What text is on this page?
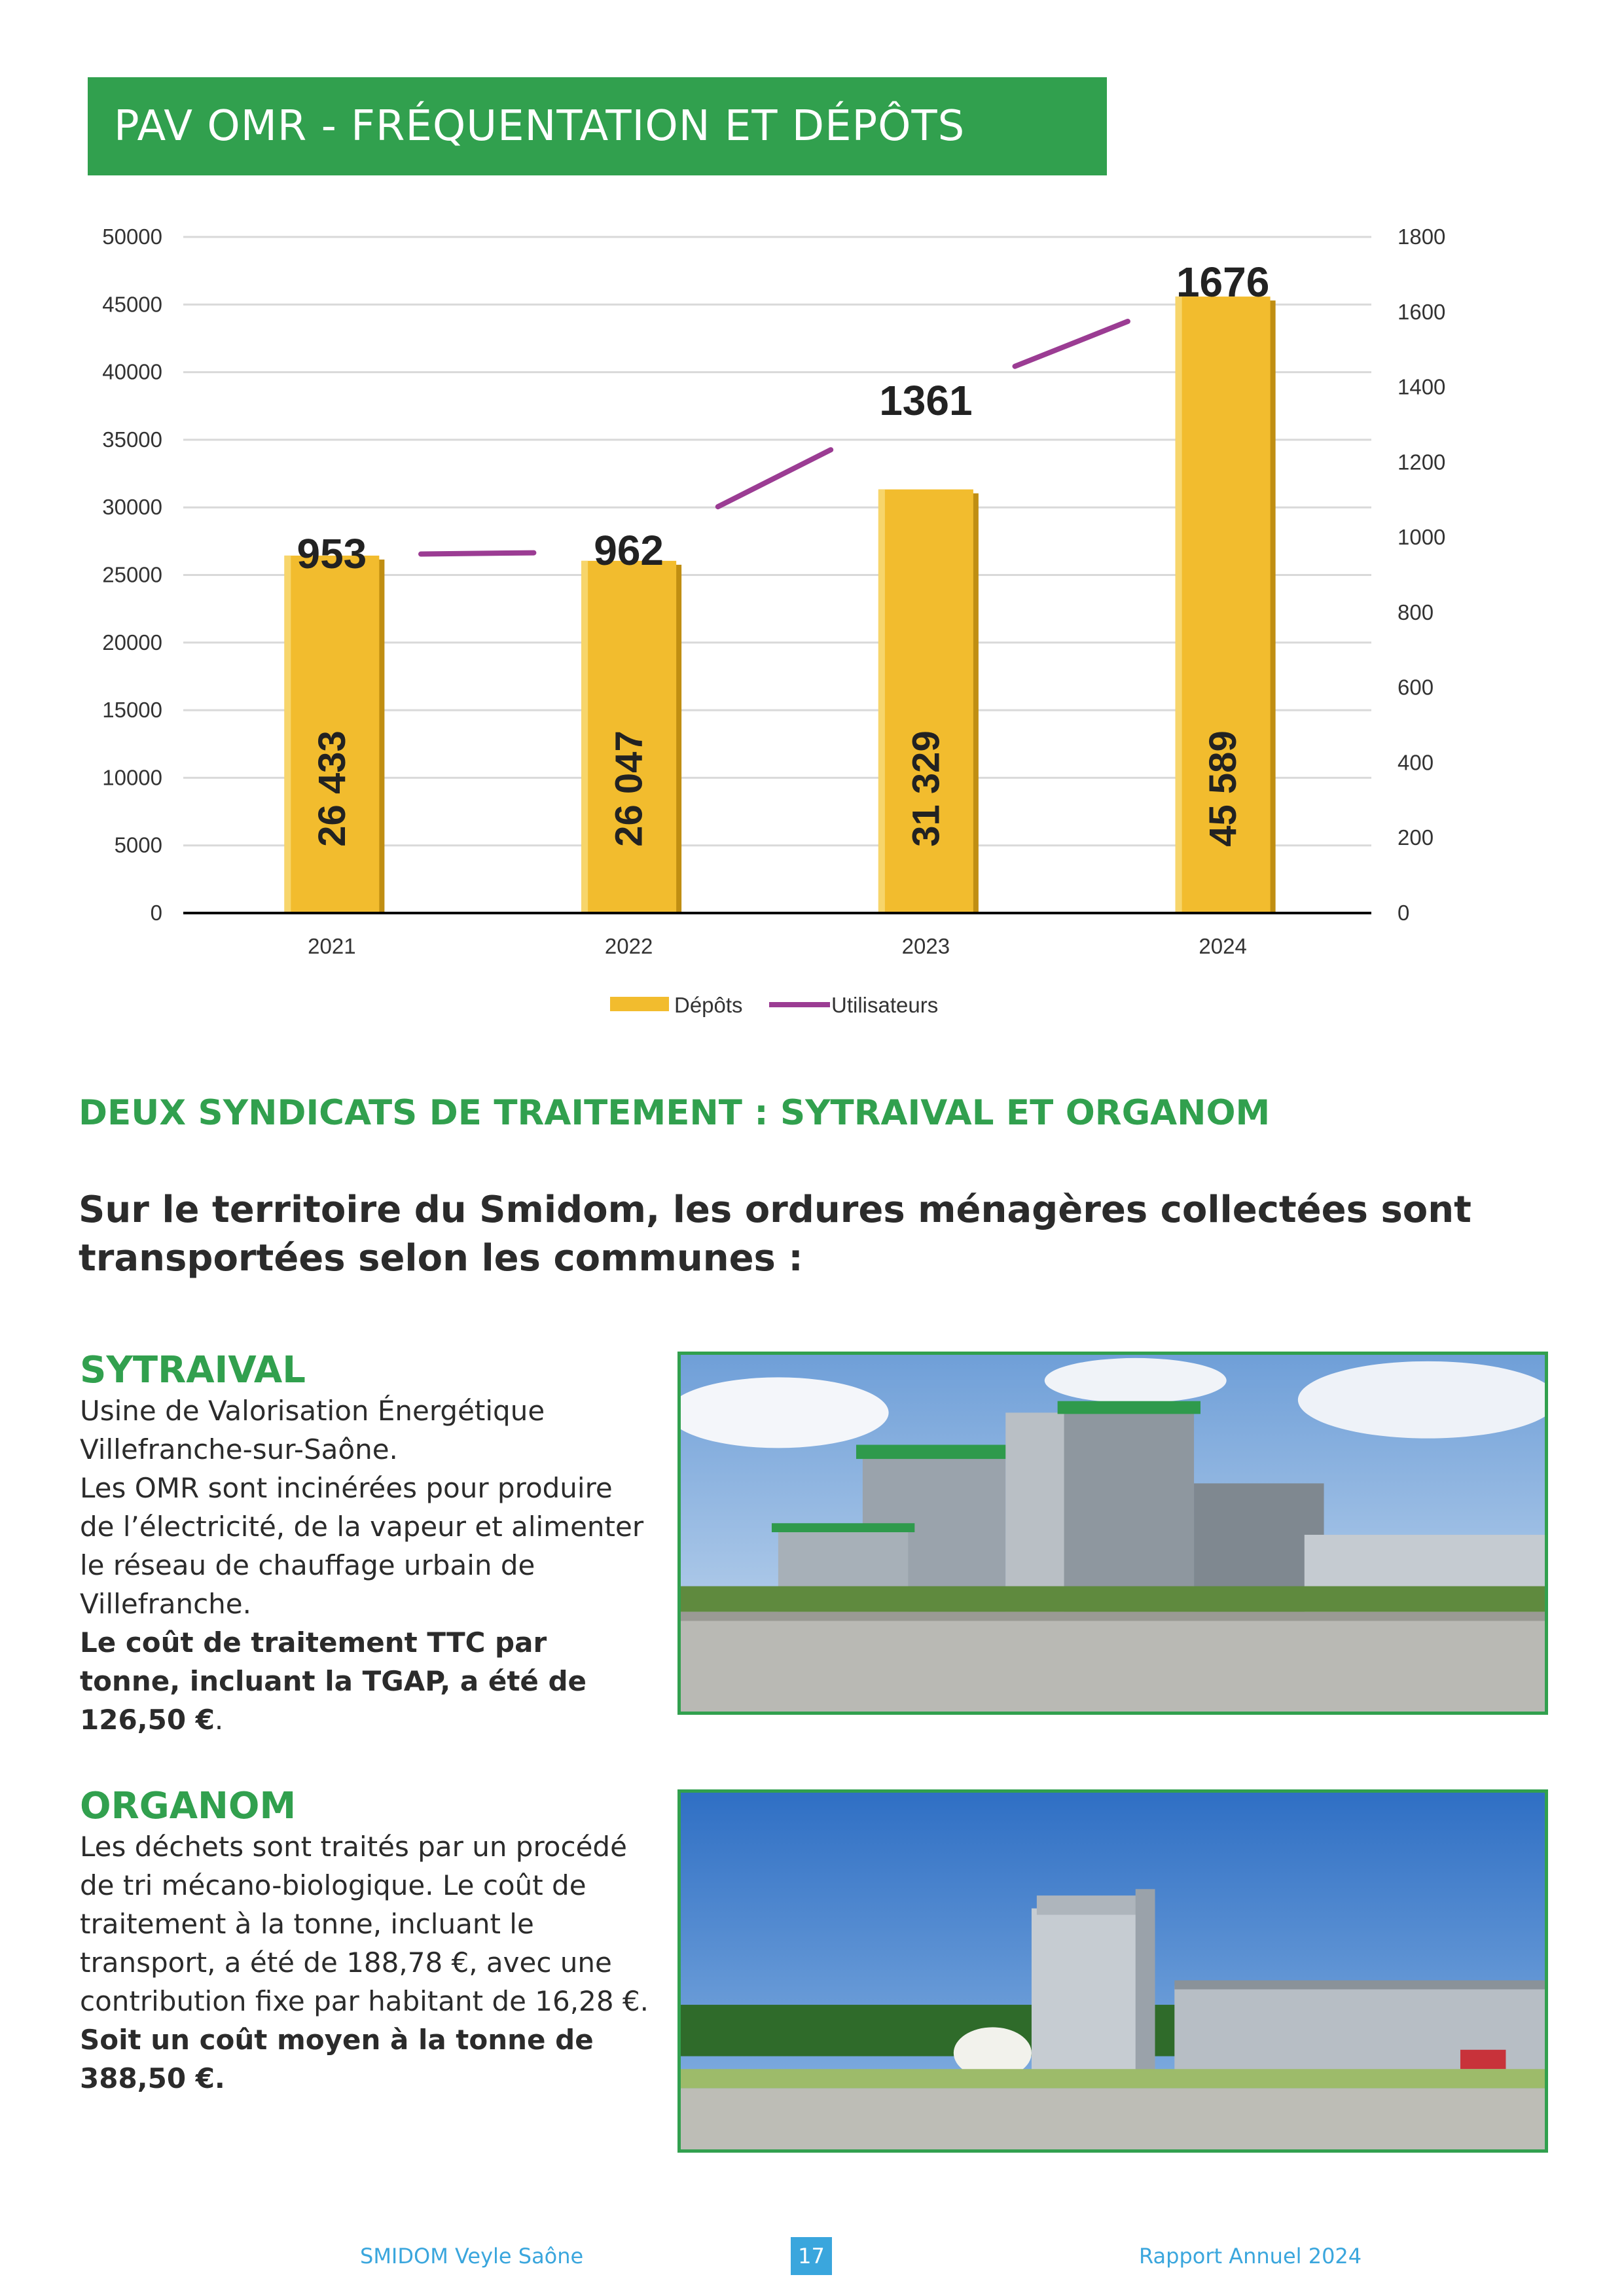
PAV OMR - FRÉQUENTATION ET DÉPÔTS
26 433	26 047	31 329	45 589
953	962
1361
1676
0
5000
10000
15000
20000
25000
30000
35000
40000
45000
50000
0
200
400
600
800
1000
1200
1400
1600
1800
2021	2022	2023	2024
Dépôts	Utilisateurs
DEUX SYNDICATS DE TRAITEMENT : SYTRAIVAL ET ORGANOM
Sur le territoire du Smidom, les ordures ménagères collectées sont transportées selon les communes :
SYTRAIVAL

Usine de Valorisation Énergétique Villefranche-sur-Saône.
Les OMR sont incinérées pour produire de l’électricité, de la vapeur et alimenter le réseau de chauffage urbain de Villefranche.
Le coût de traitement TTC par tonne, incluant la TGAP, a été de 126,50 €.

ORGANOM

Les déchets sont traités par un procédé de tri mécano-biologique. Le coût de traitement à la tonne, incluant le transport, a été de 188,78 €, avec une contribution fixe par habitant de 16,28 €. Soit un coût moyen à la tonne de 388,50 €.

SMIDOM Veyle Saône	17	Rapport Annuel 2024
